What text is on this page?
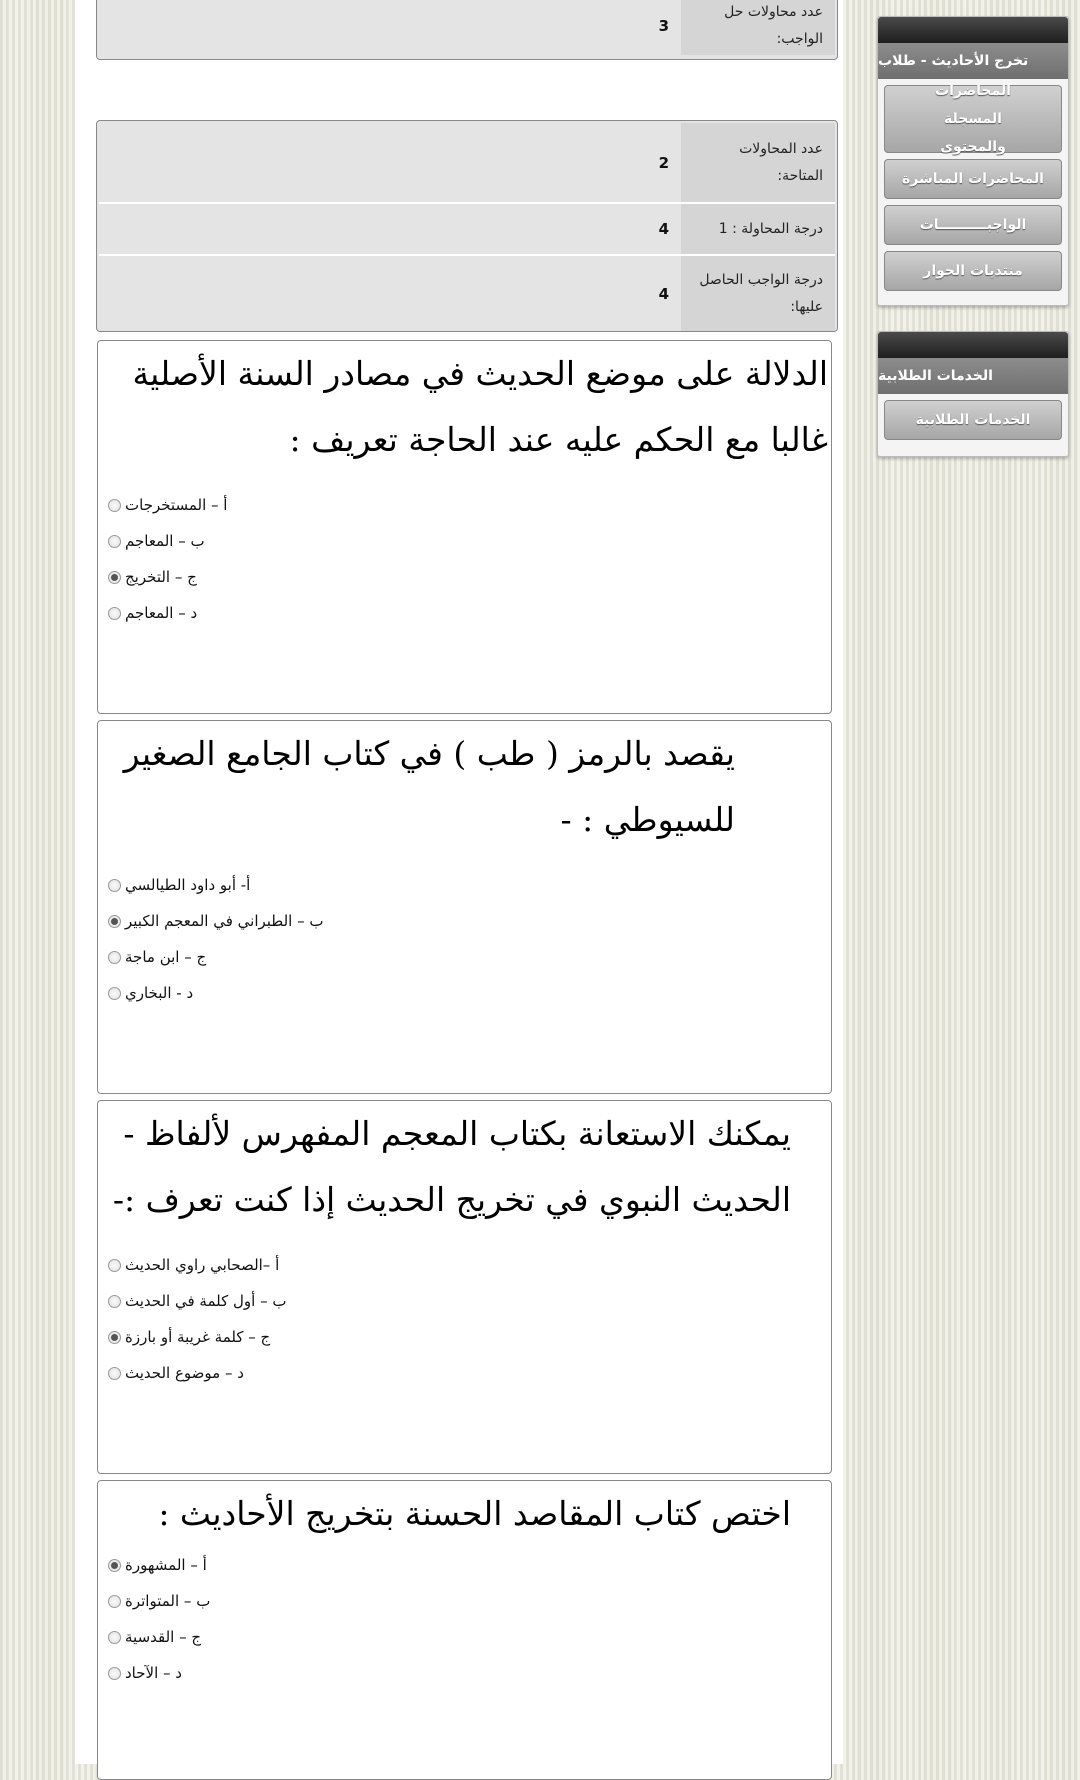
عدد محاولات حل الواجب:
3
عدد المحاولات المتاحة:
2
درجة المحاولة : 1
4
درجة الواجب الحاصل عليها:
4
الدلالة على موضع الحديث في مصادر السنة الأصلية غالبا مع الحكم عليه عند الحاجة تعريف :
أ – المستخرجات
ب – المعاجم
ج – التخريج
د – المعاجم
يقصد بالرمز ( طب ) في كتاب الجامع الصغير للسيوطي : -
أ- أبو داود الطيالسي
ب – الطبراني في المعجم الكبير
ج – ابن ماجة
د - البخاري
يمكنك الاستعانة بكتاب المعجم المفهرس لألفاظ - الحديث النبوي في تخريج الحديث إذا كنت تعرف :-
أ –الصحابي راوي الحديث
ب – أول كلمة في الحديث
ج – كلمة غريبة أو بارزة
د – موضوع الحديث
اختص كتاب المقاصد الحسنة بتخريج الأحاديث :
أ – المشهورة
ب – المتواترة
ج – القدسية
د – الآحاد
تخرج الأحاديث - طلاب
المحاضرات المسجلة والمحتوى
المحاضرات المباشرة
الواجبــــــــــات
منتديات الحوار
الخدمات الطلابية
الخدمات الطلابية
